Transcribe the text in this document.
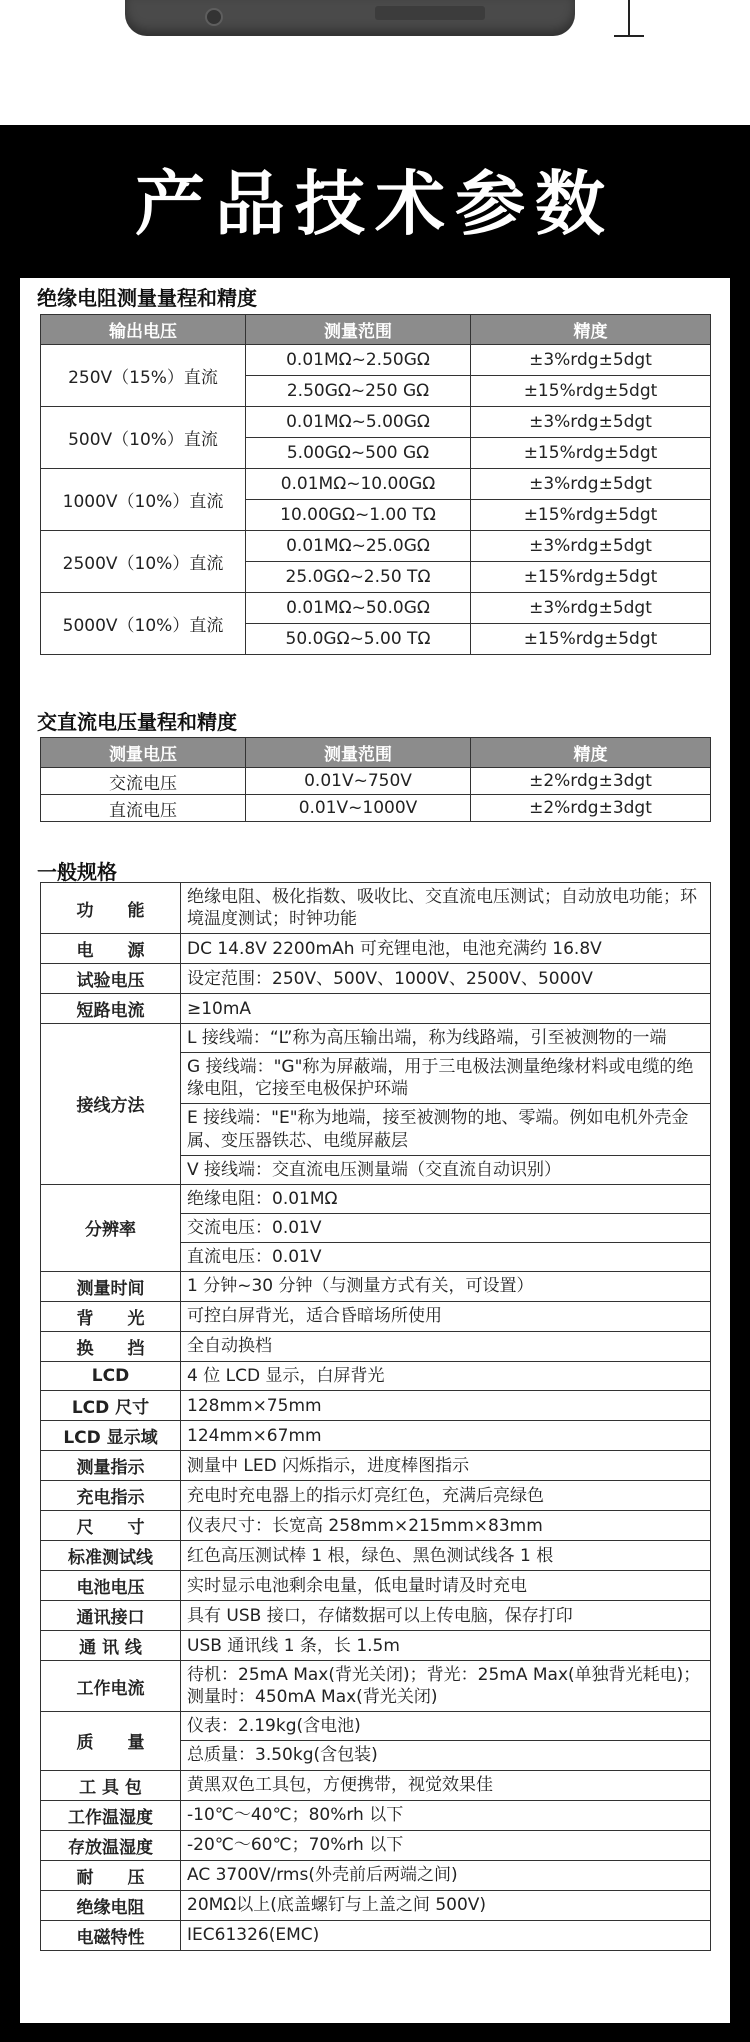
产品技术参数
绝缘电阻测量量程和精度
输出电压	测量范围	精度
250V（15%）直流	0.01MΩ~2.50GΩ	±3%rdg±5dgt
	2.50GΩ~250 GΩ	±15%rdg±5dgt
500V（10%）直流	0.01MΩ~5.00GΩ	±3%rdg±5dgt
	5.00GΩ~500 GΩ	±15%rdg±5dgt
1000V（10%）直流	0.01MΩ~10.00GΩ	±3%rdg±5dgt
	10.00GΩ~1.00 TΩ	±15%rdg±5dgt
2500V（10%）直流	0.01MΩ~25.0GΩ	±3%rdg±5dgt
	25.0GΩ~2.50 TΩ	±15%rdg±5dgt
5000V（10%）直流	0.01MΩ~50.0GΩ	±3%rdg±5dgt
	50.0GΩ~5.00 TΩ	±15%rdg±5dgt
交直流电压量程和精度
测量电压	测量范围	精度
交流电压	0.01V~750V	±2%rdg±3dgt
直流电压	0.01V~1000V	±2%rdg±3dgt
一般规格
功　　能	绝缘电阻、极化指数、吸收比、交直流电压测试；自动放电功能；环境温度测试；时钟功能
电　　源	DC 14.8V 2200mAh 可充锂电池，电池充满约 16.8V
试验电压	设定范围：250V、500V、1000V、2500V、5000V
短路电流	≥10mA
接线方法	L 接线端：“L”称为高压输出端，称为线路端，引至被测物的一端
	G 接线端："G"称为屏蔽端，用于三电极法测量绝缘材料或电缆的绝缘电阻，它接至电极保护环端
	E 接线端："E"称为地端，接至被测物的地、零端。例如电机外壳金属、变压器铁芯、电缆屏蔽层
	V 接线端：交直流电压测量端（交直流自动识别）
分辨率	绝缘电阻：0.01MΩ
	交流电压：0.01V
	直流电压：0.01V
测量时间	1 分钟~30 分钟（与测量方式有关，可设置）
背　　光	可控白屏背光，适合昏暗场所使用
换　　挡	全自动换档
LCD	4 位 LCD 显示，白屏背光
LCD 尺寸	128mm×75mm
LCD 显示域	124mm×67mm
测量指示	测量中 LED 闪烁指示，进度棒图指示
充电指示	充电时充电器上的指示灯亮红色，充满后亮绿色
尺　　寸	仪表尺寸：长宽高 258mm×215mm×83mm
标准测试线	红色高压测试棒 1 根，绿色、黑色测试线各 1 根
电池电压	实时显示电池剩余电量，低电量时请及时充电
通讯接口	具有 USB 接口，存储数据可以上传电脑，保存打印
通 讯 线	USB 通讯线 1 条，长 1.5m
工作电流	待机：25mA Max(背光关闭)；背光：25mA Max(单独背光耗电)；测量时：450mA Max(背光关闭)
质　　量	仪表：2.19kg(含电池)
	总质量：3.50kg(含包装)
工 具 包	黄黑双色工具包，方便携带，视觉效果佳
工作温湿度	-10℃～40℃；80%rh 以下
存放温湿度	-20℃～60℃；70%rh 以下
耐　　压	AC 3700V/rms(外壳前后两端之间)
绝缘电阻	20MΩ以上(底盖螺钉与上盖之间 500V)
电磁特性	IEC61326(EMC)
